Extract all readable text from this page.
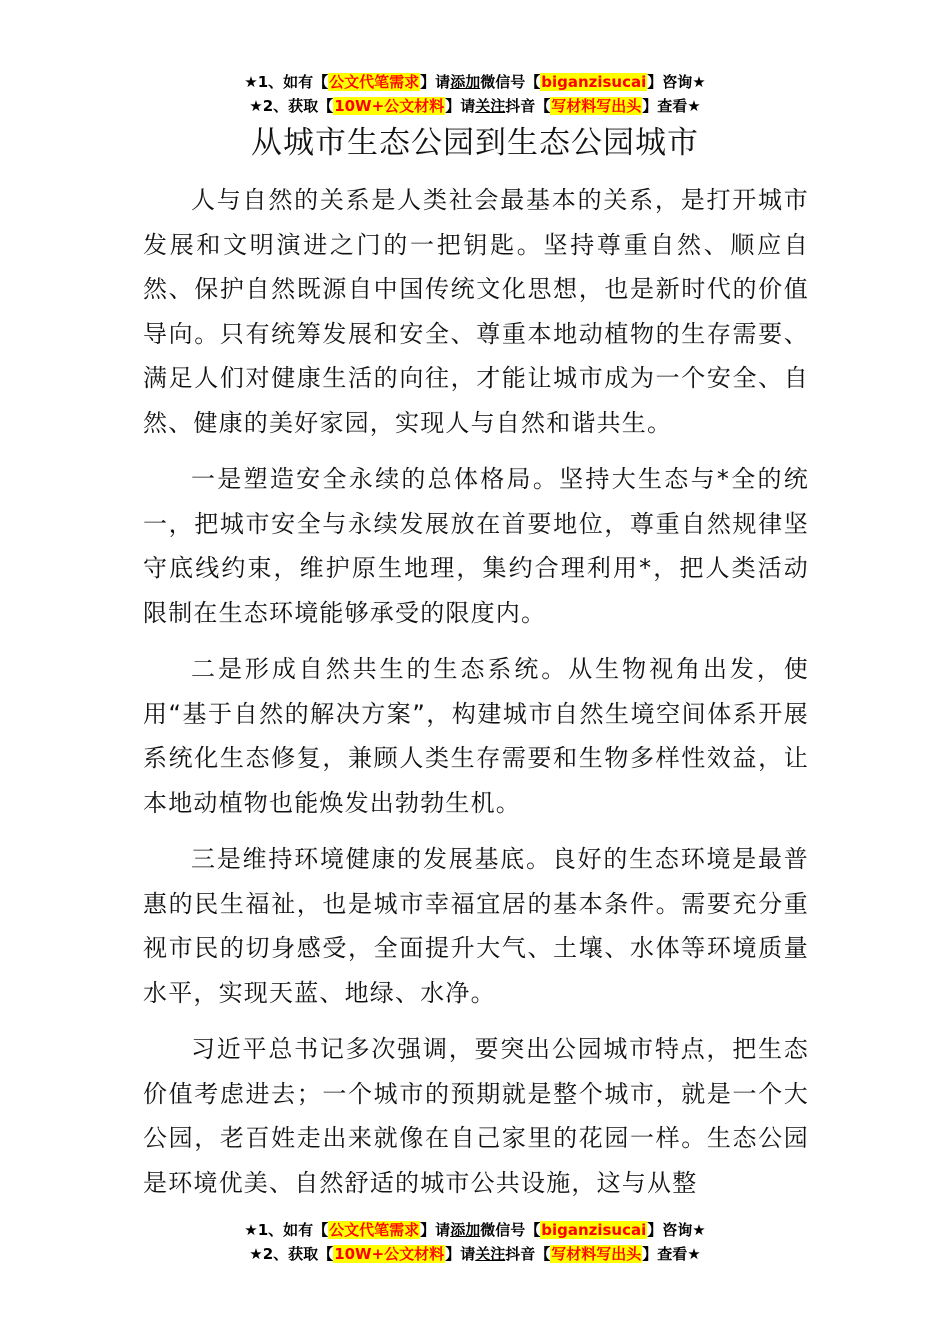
★1、如有【公文代笔需求】请添加微信号【biganzisucai】咨询★
★2、获取【10W+公文材料】请关注抖音【写材料写出头】查看★
从城市生态公园到生态公园城市

人与自然的关系是人类社会最基本的关系，是打开城市发展和文明演进之门的一把钥匙。坚持尊重自然、顺应自然、保护自然既源自中国传统文化思想，也是新时代的价值导向。只有统筹发展和安全、尊重本地动植物的生存需要、满足人们对健康生活的向往，才能让城市成为一个安全、自然、健康的美好家园，实现人与自然和谐共生。

一是塑造安全永续的总体格局。坚持大生态与*全的统一，把城市安全与永续发展放在首要地位，尊重自然规律坚守底线约束，维护原生地理，集约合理利用*，把人类活动限制在生态环境能够承受的限度内。

二是形成自然共生的生态系统。从生物视角出发，使用“基于自然的解决方案”，构建城市自然生境空间体系开展系统化生态修复，兼顾人类生存需要和生物多样性效益，让本地动植物也能焕发出勃勃生机。

三是维持环境健康的发展基底。良好的生态环境是最普惠的民生福祉，也是城市幸福宜居的基本条件。需要充分重视市民的切身感受，全面提升大气、土壤、水体等环境质量水平，实现天蓝、地绿、水净。

习近平总书记多次强调，要突出公园城市特点，把生态价值考虑进去；一个城市的预期就是整个城市，就是一个大公园，老百姓走出来就像在自己家里的花园一样。生态公园是环境优美、自然舒适的城市公共设施，这与从整

★1、如有【公文代笔需求】请添加微信号【biganzisucai】咨询★
★2、获取【10W+公文材料】请关注抖音【写材料写出头】查看★
